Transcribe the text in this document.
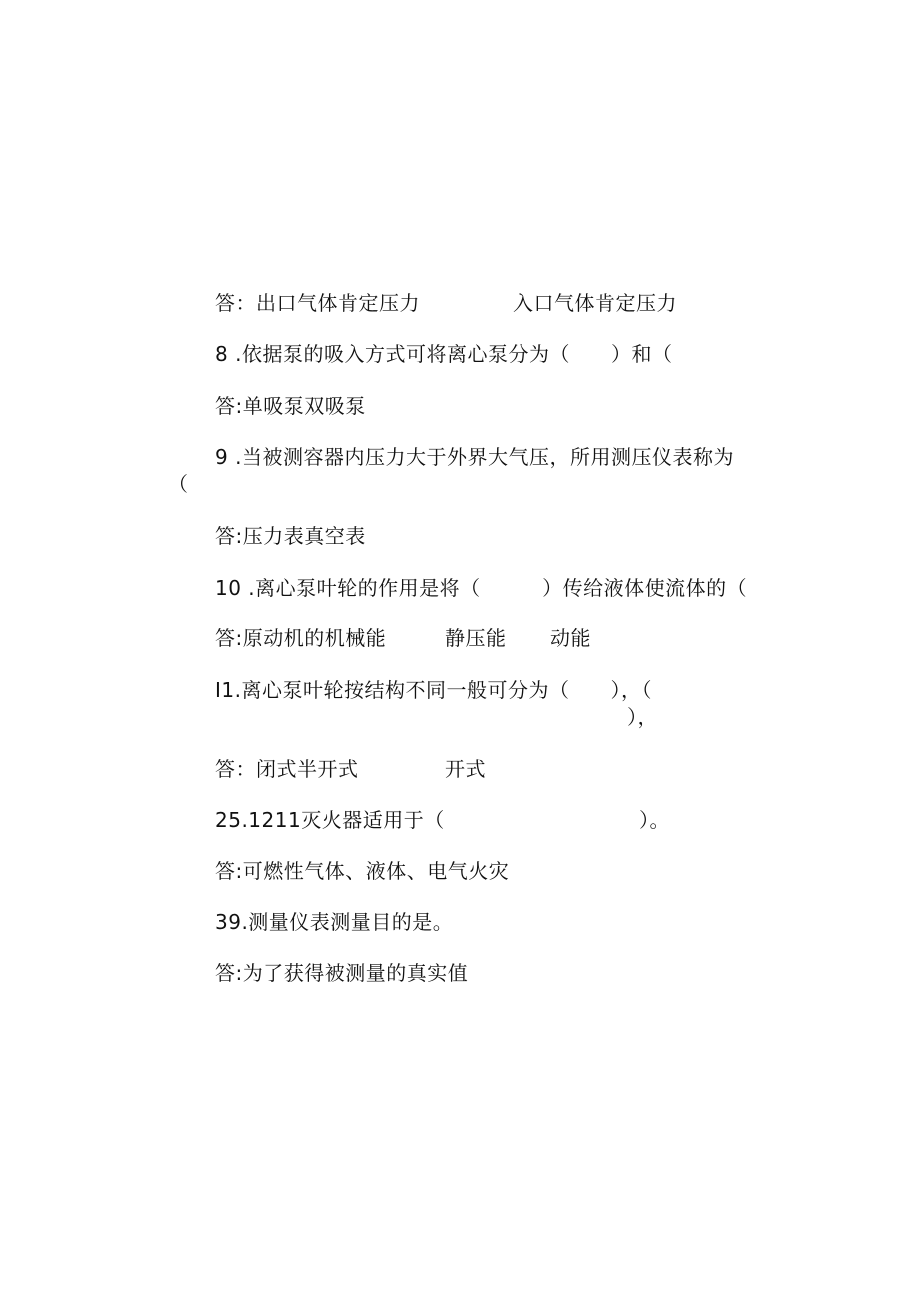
答：出口气体肯定压力

	入口气体肯定压力

8 .依据泵的吸入方式可将离心泵分为（　　）和（

答:单吸泵双吸泵

9 .当被测容器内压力大于外界大气压，所用测压仪表称为
（

答:压力表真空表

10 .离心泵叶轮的作用是将（　　　）传给液体使流体的（

答:原动机的机械能

	静压能

动能

I1.离心泵叶轮按结构不同一般可分为（　　），（
），

答：闭式半开式

	开式

25.1211灭火器适用于（

	）。

答:可燃性气体、液体、电气火灾

39.测量仪表测量目的是。

答:为了获得被测量的真实值
